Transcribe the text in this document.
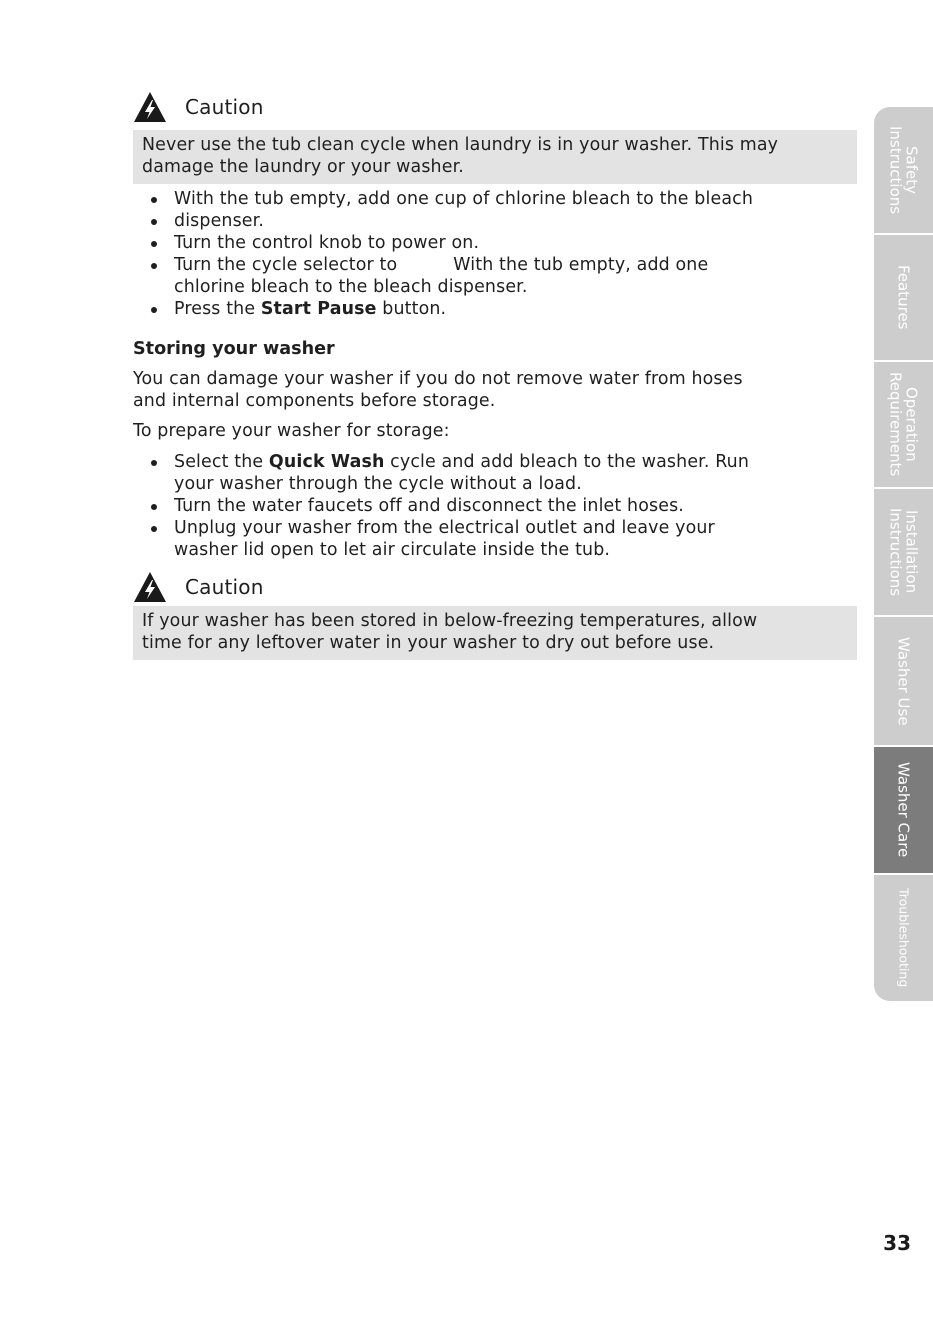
Caution
Never use the tub clean cycle when laundry is in your washer. This may
damage the laundry or your washer.
With the tub empty, add one cup of chlorine bleach to the bleach
dispenser.
Turn the control knob to power on.
Turn the cycle selector to	With the tub empty, add one
chlorine bleach to the bleach dispenser.
Press the Start Pause button.
Storing your washer
You can damage your washer if you do not remove water from hoses
and internal components before storage.
To prepare your washer for storage:
Select the Quick Wash cycle and add bleach to the washer. Run
your washer through the cycle without a load.
Turn the water faucets off and disconnect the inlet hoses.
Unplug your washer from the electrical outlet and leave your
washer lid open to let air circulate inside the tub.
Caution
If your washer has been stored in below-freezing temperatures, allow
time for any leftover water in your washer to dry out before use.
Safety
Instructions
Features
Operation
Requirements
Installation
Instructions
Washer Use
Washer Care
Troubleshooting
33
